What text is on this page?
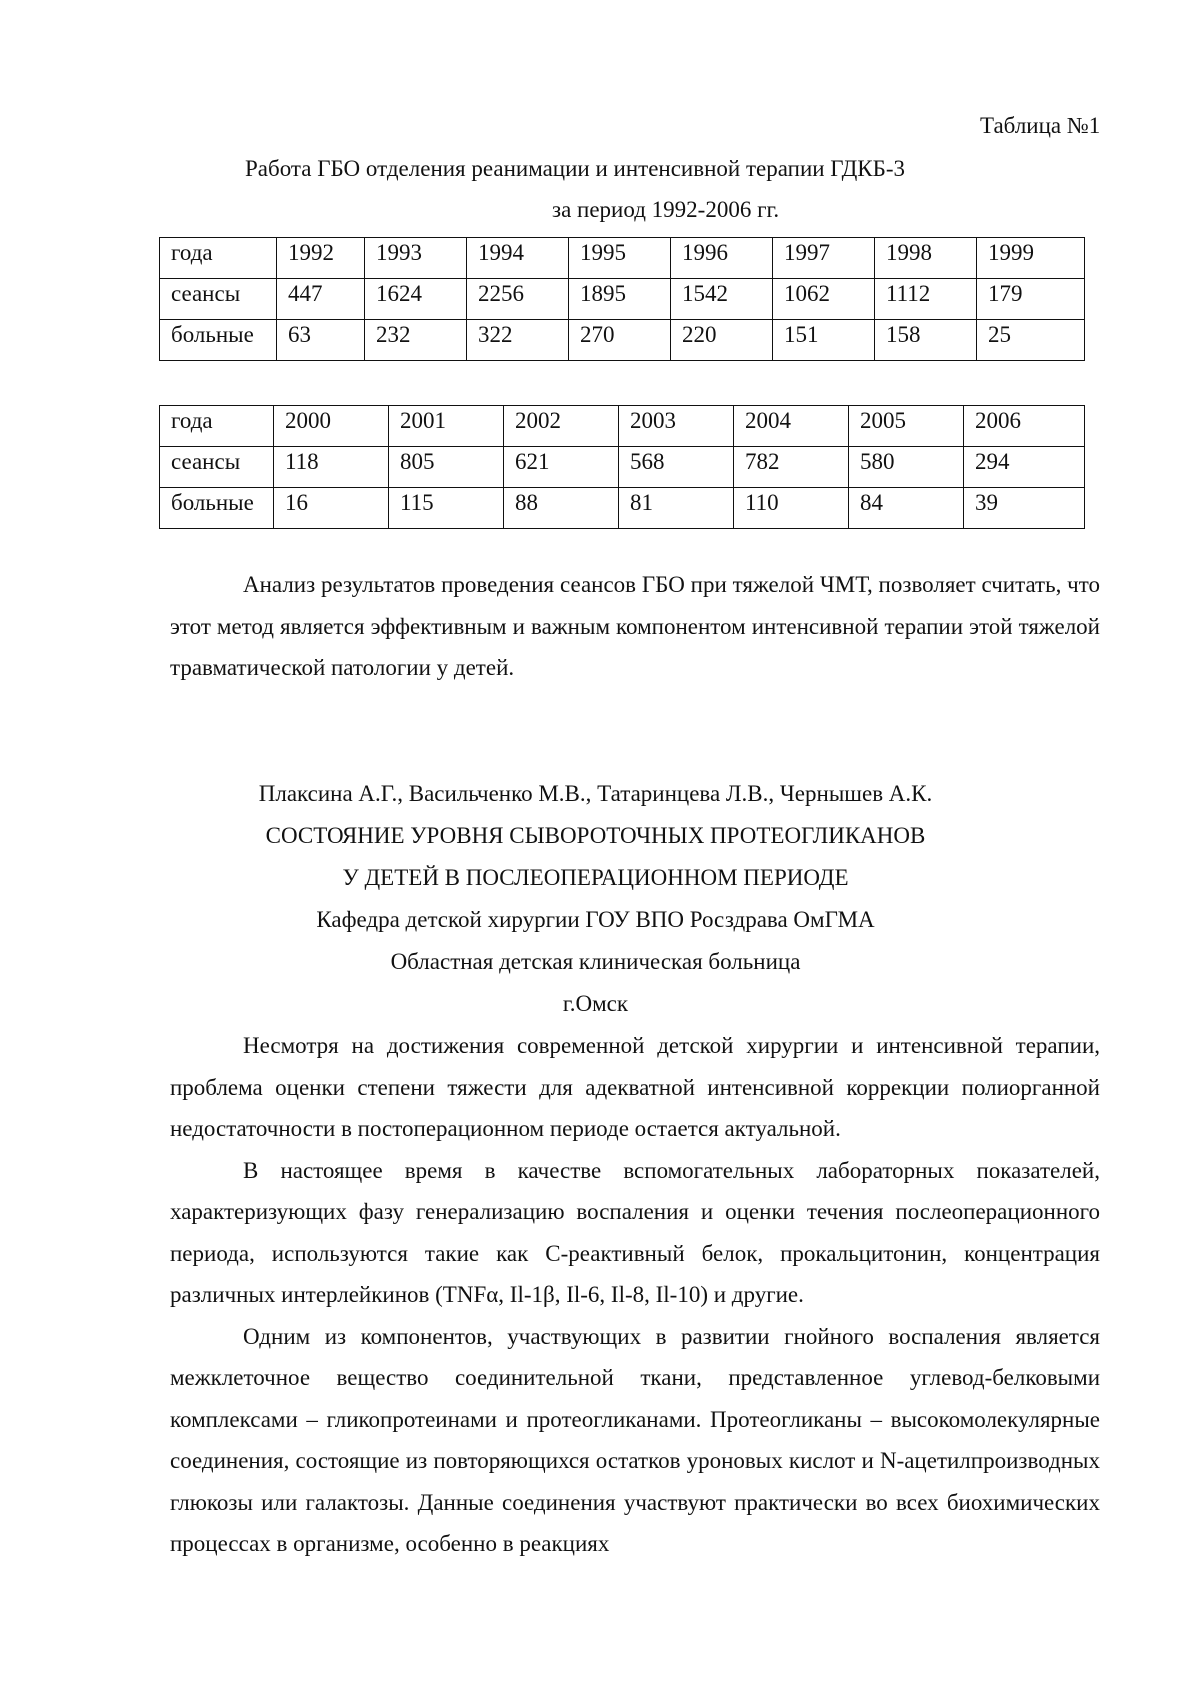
Таблица №1
Работа ГБО отделения реанимации и интенсивной терапии ГДКБ-3
за период 1992-2006 гг.
года	1992	1993	1994	1995	1996	1997	1998	1999
сеансы	447	1624	2256	1895	1542	1062	1112	179
больные	63	232	322	270	220	151	158	25
года	2000	2001	2002	2003	2004	2005	2006
сеансы	118	805	621	568	782	580	294
больные	16	115	88	81	110	84	39

Анализ результатов проведения сеансов ГБО при тяжелой ЧМТ, позволяет считать, что этот метод является эффективным и важным компонентом интенсивной терапии этой тяжелой травматической патологии у детей.

Плаксина А.Г., Васильченко М.В., Татаринцева Л.В., Чернышев А.К.
СОСТОЯНИЕ УРОВНЯ СЫВОРОТОЧНЫХ ПРОТЕОГЛИКАНОВ
У ДЕТЕЙ В ПОСЛЕОПЕРАЦИОННОМ ПЕРИОДЕ
Кафедра детской хирургии ГОУ ВПО Росздрава ОмГМА
Областная детская клиническая больница
г.Омск

Несмотря на достижения современной детской хирургии и интенсивной терапии, проблема оценки степени тяжести для адекватной интенсивной коррекции полиорганной недостаточности в постоперационном периоде остается актуальной.

В настоящее время в качестве вспомогательных лабораторных показателей, характеризующих фазу генерализацию воспаления и оценки течения послеоперационного периода, используются такие как С-реактивный белок, прокальцитонин, концентрация различных интерлейкинов (TNFα, Il-1β, Il-6, Il-8, Il-10) и другие.

Одним из компонентов, участвующих в развитии гнойного воспаления является межклеточное вещество соединительной ткани, представленное углевод-белковыми комплексами – гликопротеинами и протеогликанами. Протеогликаны – высокомолекулярные соединения, состоящие из повторяющихся остатков уроновых кислот и N-ацетилпроизводных глюкозы или галактозы. Данные соединения участвуют практически во всех биохимических процессах в организме, особенно в реакциях
